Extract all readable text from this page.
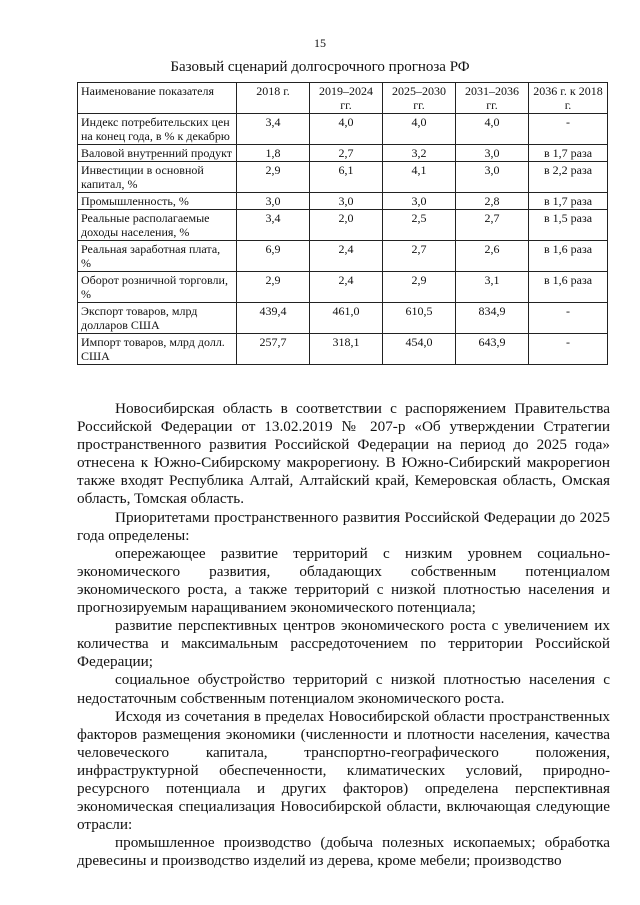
15
Базовый сценарий долгосрочного прогноза РФ
Наименование показателя	2018 г.	2019–2024 гг.	2025–2030 гг.	2031–2036 гг.	2036 г. к 2018 г.
Индекс потребительских цен на конец года, в % к декабрю	3,4	4,0	4,0	4,0	-
Валовой внутренний продукт	1,8	2,7	3,2	3,0	в 1,7 раза
Инвестиции в основной капитал, %	2,9	6,1	4,1	3,0	в 2,2 раза
Промышленность, %	3,0	3,0	3,0	2,8	в 1,7 раза
Реальные располагаемые доходы населения, %	3,4	2,0	2,5	2,7	в 1,5 раза
Реальная заработная плата, %	6,9	2,4	2,7	2,6	в 1,6 раза
Оборот розничной торговли, %	2,9	2,4	2,9	3,1	в 1,6 раза
Экспорт товаров, млрд долларов США	439,4	461,0	610,5	834,9	-
Импорт товаров, млрд долл. США	257,7	318,1	454,0	643,9	-

Новосибирская область в соответствии с распоряжением Правительства Российской Федерации от 13.02.2019 № 207-р «Об утверждении Стратегии пространственного развития Российской Федерации на период до 2025 года» отнесена к Южно-Сибирскому макрорегиону. В Южно-Сибирский макрорегион также входят Республика Алтай, Алтайский край, Кемеровская область, Омская область, Томская область.

Приоритетами пространственного развития Российской Федерации до 2025 года определены:

опережающее развитие территорий с низким уровнем социально-экономического развития, обладающих собственным потенциалом экономического роста, а также территорий с низкой плотностью населения и прогнозируемым наращиванием экономического потенциала;

развитие перспективных центров экономического роста с увеличением их количества и максимальным рассредоточением по территории Российской Федерации;

социальное обустройство территорий с низкой плотностью населения с недостаточным собственным потенциалом экономического роста.

Исходя из сочетания в пределах Новосибирской области пространственных факторов размещения экономики (численности и плотности населения, качества человеческого капитала, транспортно-географического положения, инфраструктурной обеспеченности, климатических условий, природно-ресурсного потенциала и других факторов) определена перспективная экономическая специализация Новосибирской области, включающая следующие отрасли:

промышленное производство (добыча полезных ископаемых; обработка древесины и производство изделий из дерева, кроме мебели; производство
